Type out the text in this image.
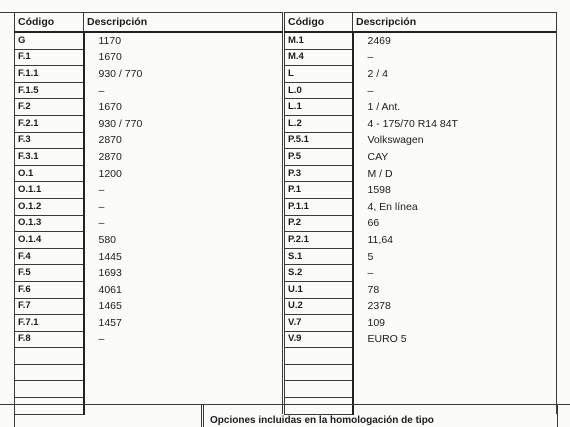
Código	Descripción
G	1170
F.1	1670
F.1.1	930 / 770
F.1.5	–
F.2	1670
F.2.1	930 / 770
F.3	2870
F.3.1	2870
O.1	1200
O.1.1	–
O.1.2	–
O.1.3	–
O.1.4	580
F.4	1445
F.5	1693
F.6	4061
F.7	1465
F.7.1	1457
F.8	–

Código	Descripción
M.1	2469
M.4	–
L	2 / 4
L.0	–
L.1	1 / Ant.
L.2	4 - 175/70 R14 84T
P.5.1	Volkswagen
P.5	CAY
P.3	M / D
P.1	1598
P.1.1	4, En línea
P.2	66
P.2.1	11,64
S.1	5
S.2	–
U.1	78
U.2	2378
V.7	109
V.9	EURO 5

Opciones incluidas en la homologación de tipo
